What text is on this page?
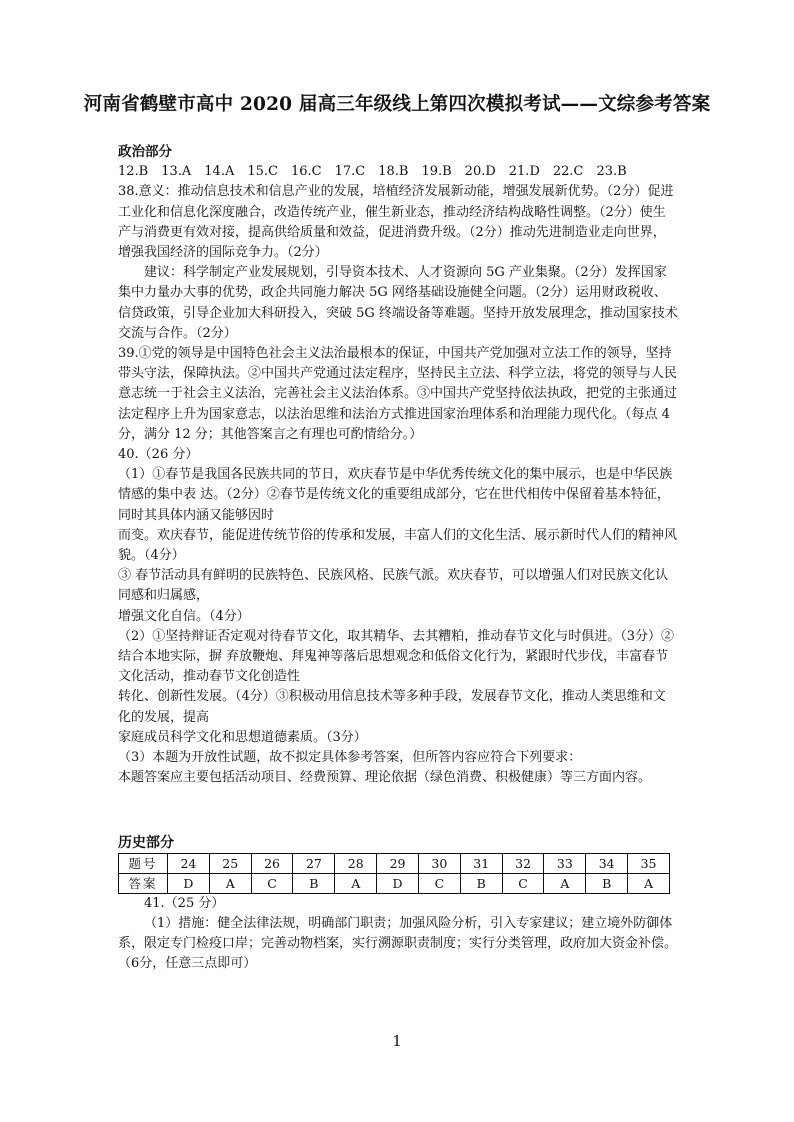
河南省鹤壁市高中 2020 届高三年级线上第四次模拟考试——文综参考答案

政治部分

12.B　13.A　14.A　15.C　16.C　17.C　18.B　19.B　20.D　21.D　22.C　23.B

38.意义：推动信息技术和信息产业的发展，培植经济发展新动能，增强发展新优势。（2分）促进工业化和信息化深度融合，改造传统产业，催生新业态，推动经济结构战略性调整。（2分）使生产与消费更有效对接，提高供给质量和效益，促进消费升级。（2分）推动先进制造业走向世界，增强我国经济的国际竞争力。（2分）

建议：科学制定产业发展规划，引导资本技术、人才资源向 5G 产业集聚。（2分）发挥国家集中力量办大事的优势，政企共同施力解决 5G 网络基础设施健全问题。（2分）运用财政税收、信贷政策，引导企业加大科研投入，突破 5G 终端设备等难题。坚持开放发展理念，推动国家技术交流与合作。（2分）

39.①党的领导是中国特色社会主义法治最根本的保证，中国共产党加强对立法工作的领导，坚持带头守法，保障执法。②中国共产党通过法定程序，坚持民主立法、科学立法，将党的领导与人民意志统一于社会主义法治，完善社会主义法治体系。③中国共产党坚持依法执政，把党的主张通过法定程序上升为国家意志，以法治思维和法治方式推进国家治理体系和治理能力现代化。（每点 4 分，满分 12 分；其他答案言之有理也可酌情给分。）

40.（26 分）

（1）①春节是我国各民族共同的节日，欢庆春节是中华优秀传统文化的集中展示，也是中华民族情感的集中表 达。（2分）②春节是传统文化的重要组成部分，它在世代相传中保留着基本特征，同时其具体内涵又能够因时

而变。欢庆春节，能促进传统节俗的传承和发展，丰富人们的文化生活、展示新时代人们的精神风貌。（4分）

③ 春节活动具有鲜明的民族特色、民族风格、民族气派。欢庆春节，可以增强人们对民族文化认同感和归属感，

增强文化自信。（4分）

（2）①坚持辩证否定观对待春节文化，取其精华、去其糟粕，推动春节文化与时俱进。（3分）②结合本地实际，摒 弃放鞭炮、拜鬼神等落后思想观念和低俗文化行为，紧跟时代步伐，丰富春节文化活动，推动春节文化创造性

转化、创新性发展。（4分）③积极动用信息技术等多种手段，发展春节文化，推动人类思维和文化的发展，提高

家庭成员科学文化和思想道德素质。（3分）

（3）本题为开放性试题，故不拟定具体参考答案，但所答内容应符合下列要求：

本题答案应主要包括活动项目、经费预算、理论依据（绿色消费、积极健康）等三方面内容。

历史部分

题号	24	25	26	27	28	29	30	31	32	33	34	35
答案	D	A	C	B	A	D	C	B	C	A	B	A

41.（25 分）

（1）措施：健全法律法规，明确部门职责；加强风险分析，引入专家建议；建立境外防御体系，限定专门检疫口岸；完善动物档案，实行溯源职责制度；实行分类管理，政府加大资金补偿。（6分，任意三点即可）

1
